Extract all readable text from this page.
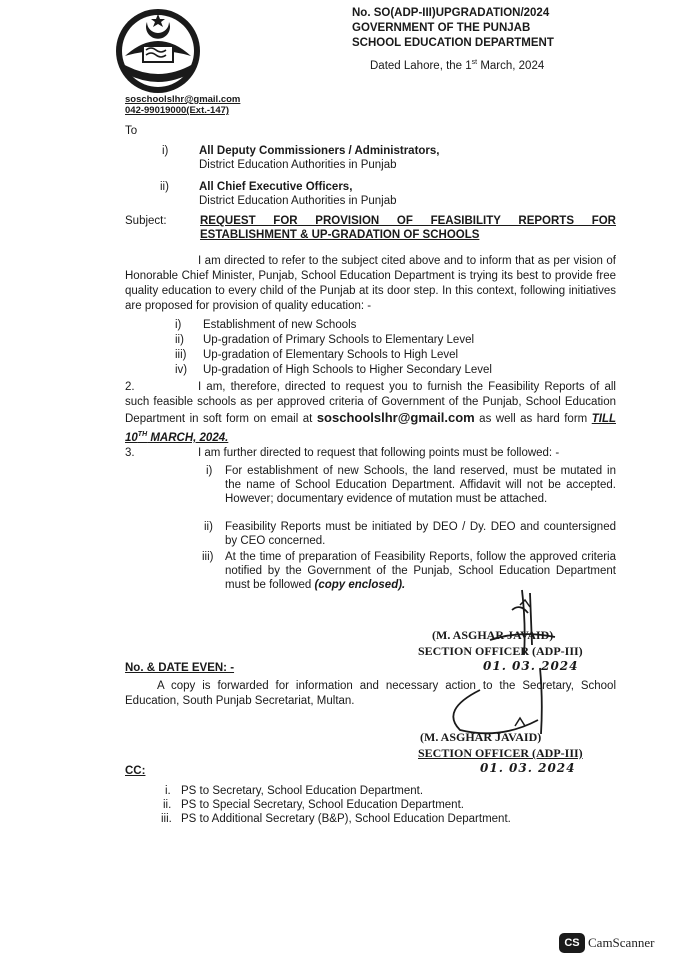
No. SO(ADP-III)UPGRADATION/2024
GOVERNMENT OF THE PUNJAB
SCHOOL EDUCATION DEPARTMENT
Dated Lahore, the 1st March, 2024
soschoolslhr@gmail.com
042-99019000(Ext.-147)
To
i)	All Deputy Commissioners / Administrators,
District Education Authorities in Punjab
ii)	All Chief Executive Officers,
District Education Authorities in Punjab
Subject:	REQUEST FOR PROVISION OF FEASIBILITY REPORTS FOR
ESTABLISHMENT & UP-GRADATION OF SCHOOLS
I am directed to refer to the subject cited above and to inform that as per vision of Honorable Chief Minister, Punjab, School Education Department is trying its best to provide free quality education to every child of the Punjab at its door step. In this context, following initiatives are proposed for provision of quality education: -
i) Establishment of new Schools
ii) Up-gradation of Primary Schools to Elementary Level
iii) Up-gradation of Elementary Schools to High Level
iv) Up-gradation of High Schools to Higher Secondary Level
2.	I am, therefore, directed to request you to furnish the Feasibility Reports of all such feasible schools as per approved criteria of Government of the Punjab, School Education Department in soft form on email at soschoolslhr@gmail.com as well as hard form TILL 10TH MARCH, 2024.
3.	I am further directed to request that following points must be followed: -
i) For establishment of new Schools, the land reserved, must be mutated in the name of School Education Department. Affidavit will not be accepted. However; documentary evidence of mutation must be attached.
ii) Feasibility Reports must be initiated by DEO / Dy. DEO and countersigned by CEO concerned.
iii) At the time of preparation of Feasibility Reports, follow the approved criteria notified by the Government of the Punjab, School Education Department must be followed (copy enclosed).
(M. ASGHAR JAVAID)
SECTION OFFICER (ADP-III)
01. 03. 2024
No. & DATE EVEN: -
A copy is forwarded for information and necessary action to the Secretary, School Education, South Punjab Secretariat, Multan.
(M. ASGHAR JAVAID)
SECTION OFFICER (ADP-III)
01. 03. 2024
CC:
i. PS to Secretary, School Education Department.
ii. PS to Special Secretary, School Education Department.
iii. PS to Additional Secretary (B&P), School Education Department.
CS CamScanner
